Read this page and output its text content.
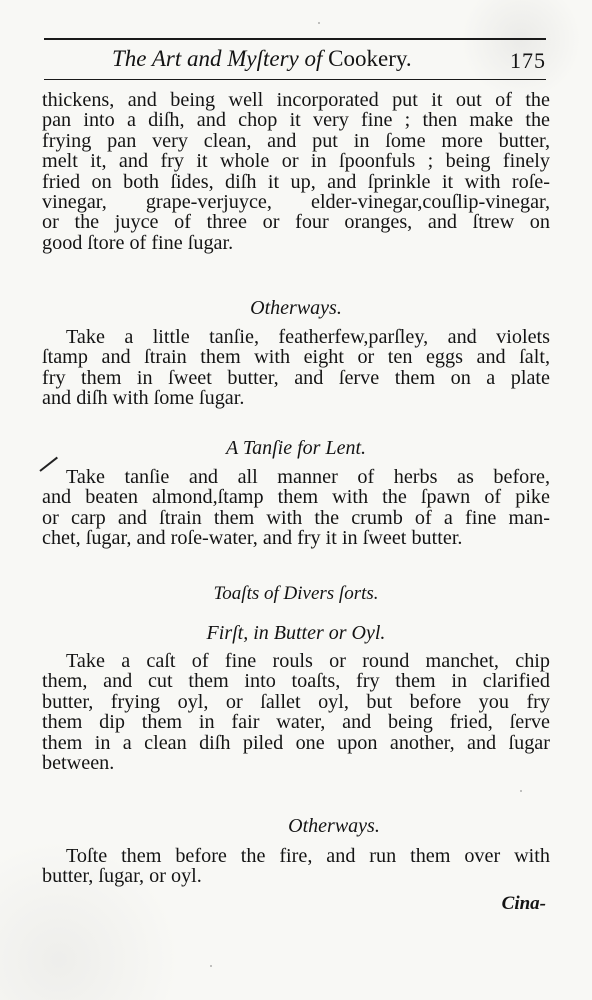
The Art and Myſtery of Cookery.	175
thickens, and being well incorporated put it out of the
pan into a diſh, and chop it very fine ; then make the
frying pan very clean, and put in ſome more butter,
melt it, and fry it whole or in ſpoonfuls ; being finely
fried on both ſides, diſh it up, and ſprinkle it with roſe-
vinegar, grape-verjuyce, elder-vinegar,couſlip-vinegar,
or the juyce of three or four oranges, and ſtrew on
good ſtore of fine ſugar.
Otherways.
Take a little tanſie, featherfew,parſley, and violets
ſtamp and ſtrain them with eight or ten eggs and ſalt,
fry them in ſweet butter, and ſerve them on a plate
and diſh with ſome ſugar.
A Tanſie for Lent.
Take tanſie and all manner of herbs as before,
and beaten almond,ſtamp them with the ſpawn of pike
or carp and ſtrain them with the crumb of a fine man-
chet, ſugar, and roſe-water, and fry it in ſweet butter.
Toaſts of Divers ſorts.
Firſt, in Butter or Oyl.
Take a caſt of fine rouls or round manchet, chip
them, and cut them into toaſts, fry them in clarified
butter, frying oyl, or ſallet oyl, but before you fry
them dip them in fair water, and being fried, ſerve
them in a clean diſh piled one upon another, and ſugar
between.
Otherways.
Toſte them before the fire, and run them over with
butter, ſugar, or oyl.
Cina-
